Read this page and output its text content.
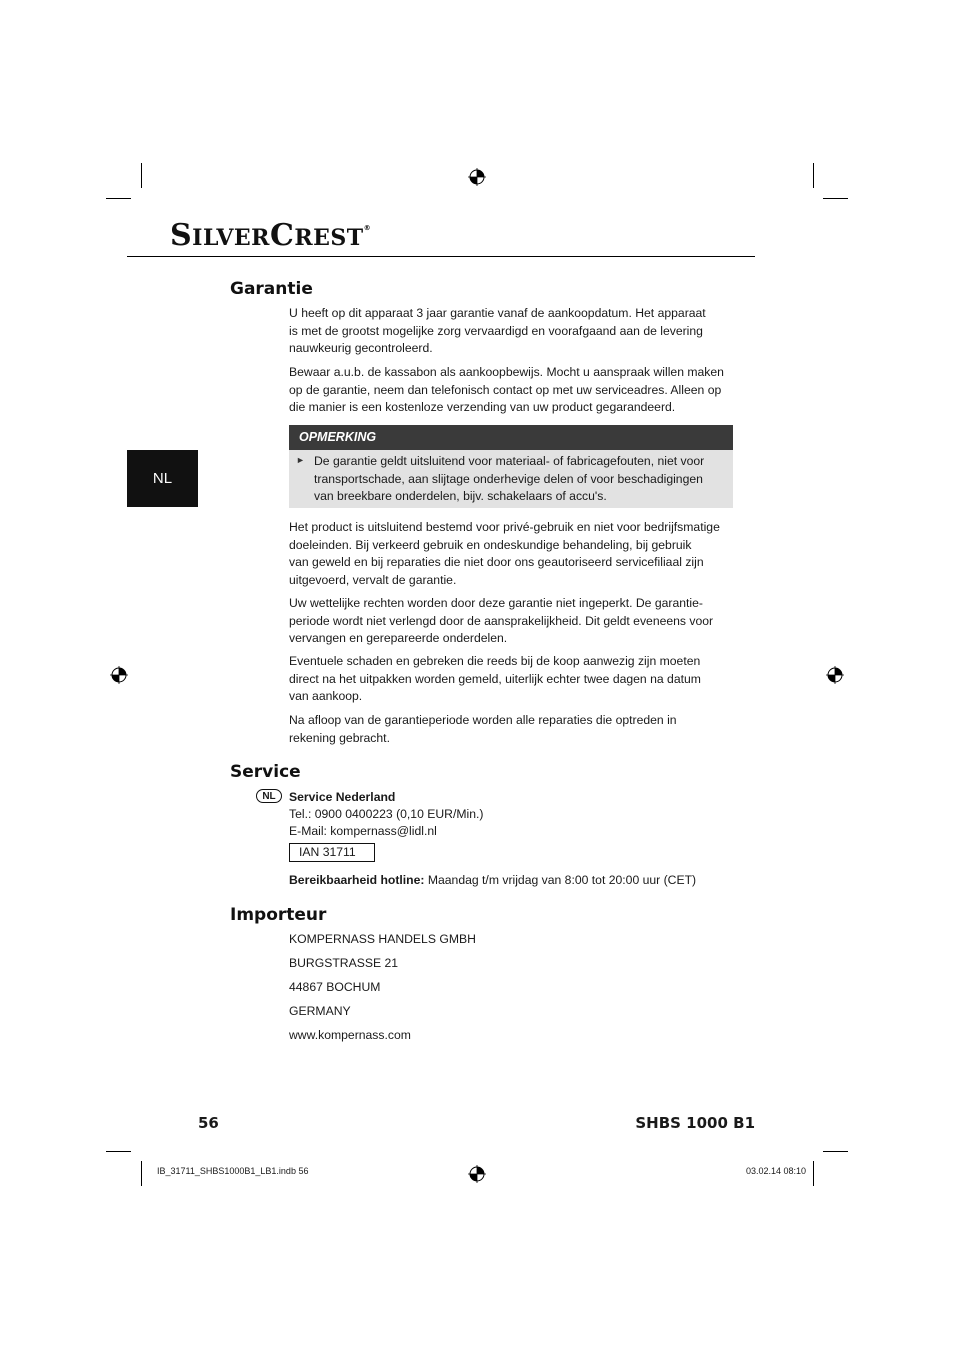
SILVERCREST®
NL
Garantie
U heeft op dit apparaat 3 jaar garantie vanaf de aankoopdatum. Het apparaat
is met de grootst mogelijke zorg vervaardigd en voorafgaand aan de levering
nauwkeurig gecontroleerd.
Bewaar a.u.b. de kassabon als aankoopbewijs. Mocht u aanspraak willen maken
op de garantie, neem dan telefonisch contact op met uw serviceadres. Alleen op
die manier is een kostenloze verzending van uw product gegarandeerd.
OPMERKING
► De garantie geldt uitsluitend voor materiaal- of fabricagefouten, niet voor
transportschade, aan slijtage onderhevige delen of voor beschadigingen
van breekbare onderdelen, bijv. schakelaars of accu's.
Het product is uitsluitend bestemd voor privé-gebruik en niet voor bedrijfsmatige
doeleinden. Bij verkeerd gebruik en ondeskundige behandeling, bij gebruik
van geweld en bij reparaties die niet door ons geautoriseerd servicefiliaal zijn
uitgevoerd, vervalt de garantie.
Uw wettelijke rechten worden door deze garantie niet ingeperkt. De garantie-
periode wordt niet verlengd door de aansprakelijkheid. Dit geldt eveneens voor
vervangen en gerepareerde onderdelen.
Eventuele schaden en gebreken die reeds bij de koop aanwezig zijn moeten
direct na het uitpakken worden gemeld, uiterlijk echter twee dagen na datum
van aankoop.
Na afloop van de garantieperiode worden alle reparaties die optreden in
rekening gebracht.
Service
NL	Service Nederland
Tel.: 0900 0400223 (0,10 EUR/Min.)
E-Mail: kompernass@lidl.nl
IAN 31711
Bereikbaarheid hotline: Maandag t/m vrijdag van 8:00 tot 20:00 uur (CET)
Importeur
KOMPERNASS HANDELS GMBH
BURGSTRASSE 21
44867 BOCHUM
GERMANY
www.kompernass.com
56	SHBS 1000 B1
IB_31711_SHBS1000B1_LB1.indb 56	03.02.14 08:10
